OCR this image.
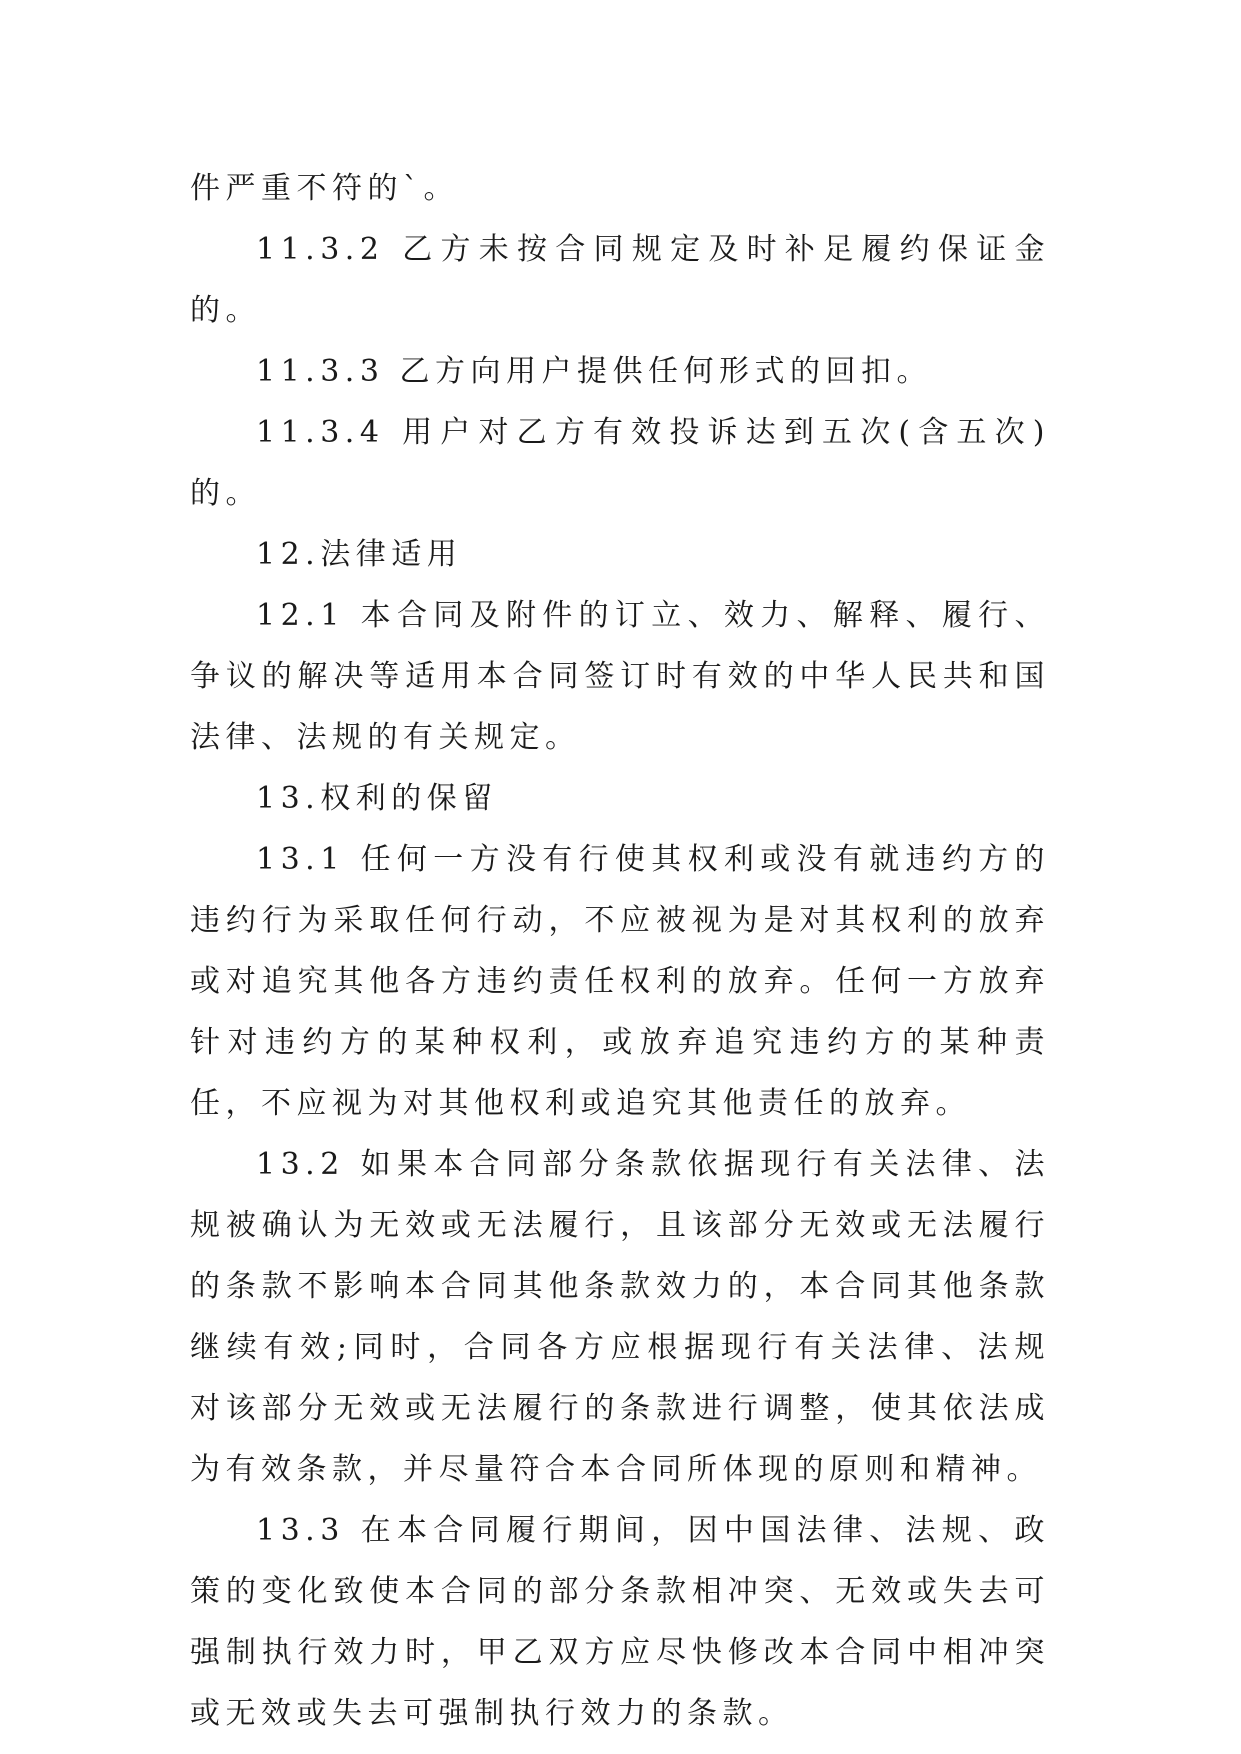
件严重不符的`。

11.3.2 乙方未按合同规定及时补足履约保证金的。

11.3.3 乙方向用户提供任何形式的回扣。

11.3.4 用户对乙方有效投诉达到五次(含五次)的。

12.法律适用

12.1 本合同及附件的订立、效力、解释、履行、争议的解决等适用本合同签订时有效的中华人民共和国法律、法规的有关规定。

13.权利的保留

13.1 任何一方没有行使其权利或没有就违约方的违约行为采取任何行动，不应被视为是对其权利的放弃或对追究其他各方违约责任权利的放弃。任何一方放弃针对违约方的某种权利，或放弃追究违约方的某种责任，不应视为对其他权利或追究其他责任的放弃。

13.2 如果本合同部分条款依据现行有关法律、法规被确认为无效或无法履行，且该部分无效或无法履行的条款不影响本合同其他条款效力的，本合同其他条款继续有效;同时，合同各方应根据现行有关法律、法规对该部分无效或无法履行的条款进行调整，使其依法成为有效条款，并尽量符合本合同所体现的原则和精神。

13.3 在本合同履行期间，因中国法律、法规、政策的变化致使本合同的部分条款相冲突、无效或失去可强制执行效力时，甲乙双方应尽快修改本合同中相冲突或无效或失去可强制执行效力的条款。
